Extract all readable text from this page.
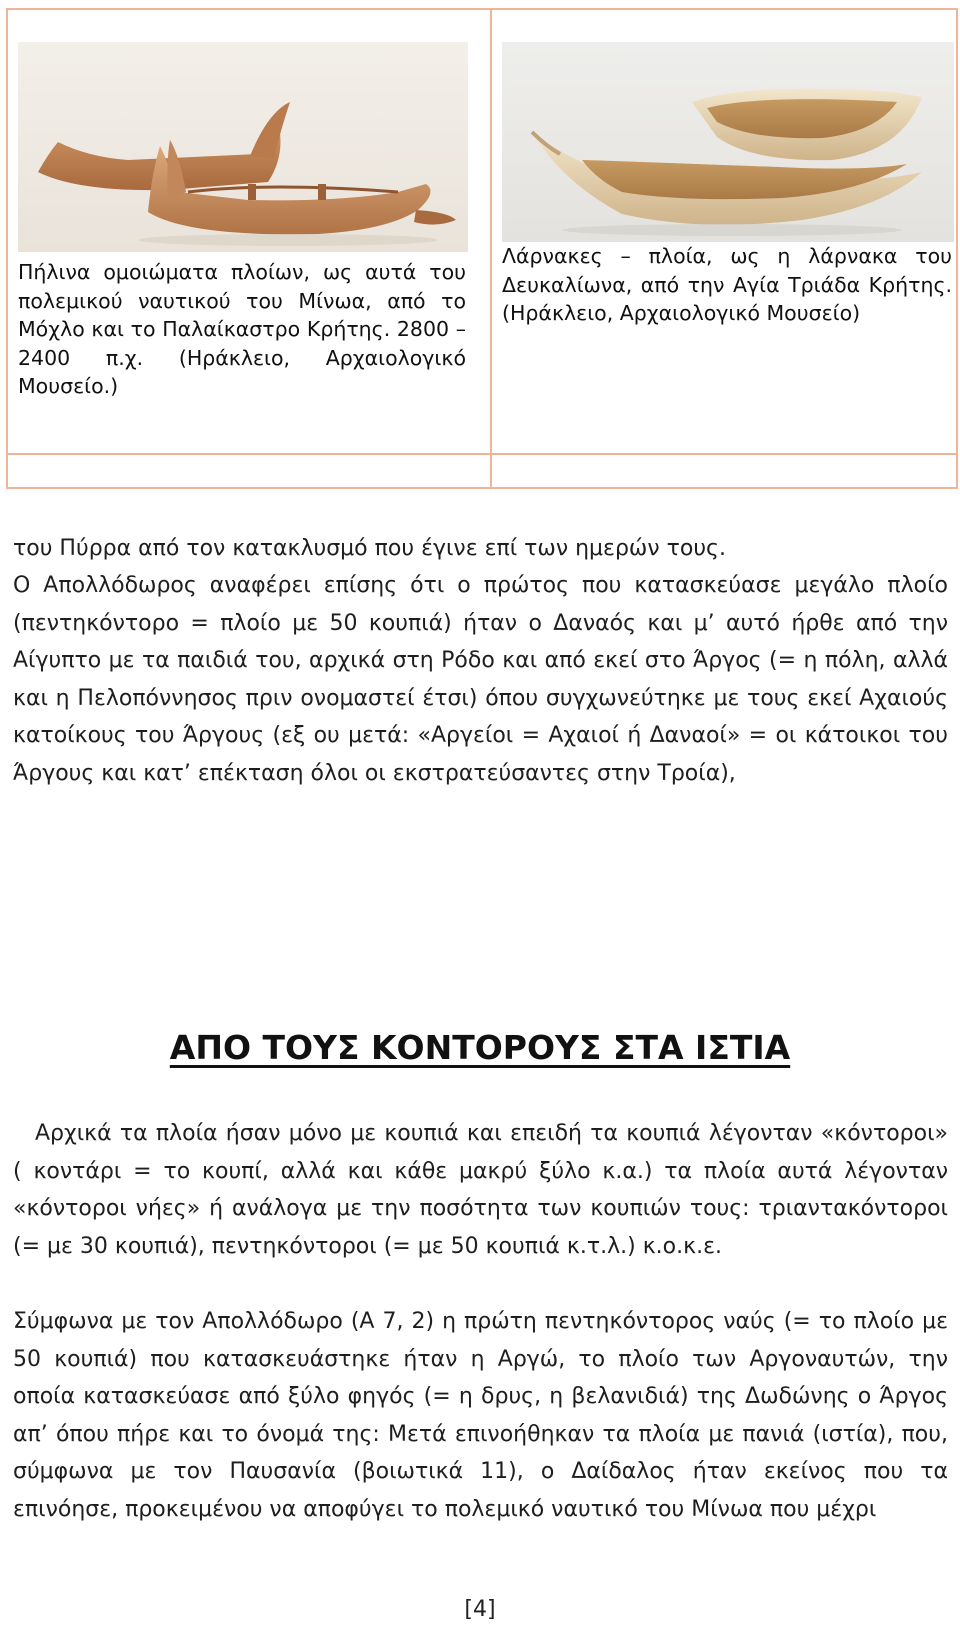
Πήλινα ομοιώματα πλοίων, ως αυτά του πολεμικού ναυτικού του Μίνωα, από το Μόχλο και το Παλαίκαστρο Κρήτης. 2800 – 2400 π.χ. (Ηράκλειο, Αρχαιολογικό Μουσείο.)
Λάρνακες – πλοία, ως η λάρνακα του Δευκαλίωνα, από την Αγία Τριάδα Κρήτης. (Ηράκλειο, Αρχαιολογικό Μουσείο)

του Πύρρα από τον κατακλυσμό που έγινε επί των ημερών τους.

Ο Απολλόδωρος αναφέρει επίσης ότι ο πρώτος που κατασκεύασε μεγάλο πλοίο (πεντηκόντορο = πλοίο με 50 κουπιά) ήταν ο Δαναός και μ’ αυτό ήρθε από την Αίγυπτο με τα παιδιά του, αρχικά στη Ρόδο και από εκεί στο Άργος (= η πόλη, αλλά και η Πελοπόννησος πριν ονομαστεί έτσι) όπου συγχωνεύτηκε με τους εκεί Αχαιούς κατοίκους του Άργους (εξ ου μετά: «Αργείοι = Αχαιοί ή Δαναοί» = οι κάτοικοι του Άργους και κατ’ επέκταση όλοι οι εκστρατεύσαντες στην Τροία),

ΑΠΟ ΤΟΥΣ ΚΟΝΤΟΡΟΥΣ ΣΤΑ ΙΣΤΙΑ

Αρχικά τα πλοία ήσαν μόνο με κουπιά και επειδή τα κουπιά λέγονταν «κόντοροι» ( κοντάρι = το κουπί, αλλά και κάθε μακρύ ξύλο κ.α.) τα πλοία αυτά λέγονταν «κόντοροι νήες» ή ανάλογα με την ποσότητα των κουπιών τους: τριαντακόντοροι (= με 30 κουπιά), πεντηκόντοροι (= με 50 κουπιά κ.τ.λ.) κ.ο.κ.ε.

Σύμφωνα με τον Απολλόδωρο (Α 7, 2) η πρώτη πεντηκόντορος ναύς (= το πλοίο με 50 κουπιά) που κατασκευάστηκε ήταν η Αργώ, το πλοίο των Αργοναυτών, την οποία κατασκεύασε από ξύλο φηγός (= η δρυς, η βελανιδιά) της Δωδώνης ο Άργος απ’ όπου πήρε και το όνομά της: Μετά επινοήθηκαν τα πλοία με πανιά (ιστία), που, σύμφωνα με τον Παυσανία (βοιωτικά 11), ο Δαίδαλος ήταν εκείνος που τα επινόησε, προκειμένου να αποφύγει το πολεμικό ναυτικό του Μίνωα που μέχρι

[4]
